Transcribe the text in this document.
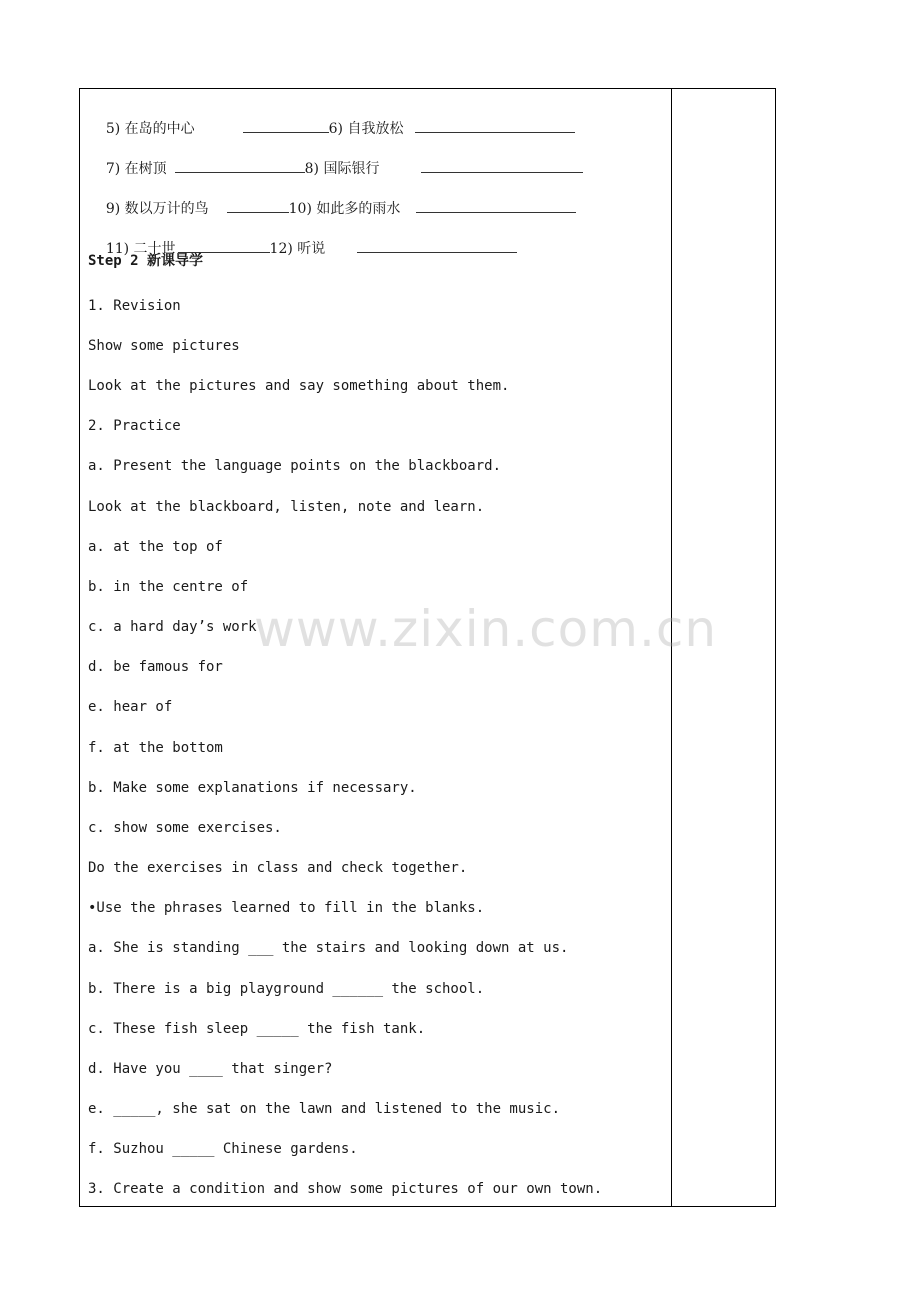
5) 在岛的中心	6) 自我放松

7) 在树顶	8) 国际银行

9) 数以万计的鸟	10) 如此多的雨水

11) 二十世	12) 听说

Step 2 新课导学
1. Revision
Show some pictures
Look at the pictures and say something about them.
2. Practice
a. Present the language points on the blackboard.
Look at the blackboard, listen, note and learn.
a. at the top of
b. in the centre of
c. a hard day’s work
d. be famous for
e. hear of
f. at the bottom
b. Make some explanations if necessary.
c. show some exercises.
Do the exercises in class and check together.
•Use the phrases learned to fill in the blanks.
a. She is standing ___ the stairs and looking down at us.
b. There is a big playground ______ the school.
c. These fish sleep _____ the fish tank.
d. Have you ____ that singer?
e. _____, she sat on the lawn and listened to the music.
f. Suzhou _____ Chinese gardens.
3. Create a condition and show some pictures of our own town.
www.zixin.com.cn
